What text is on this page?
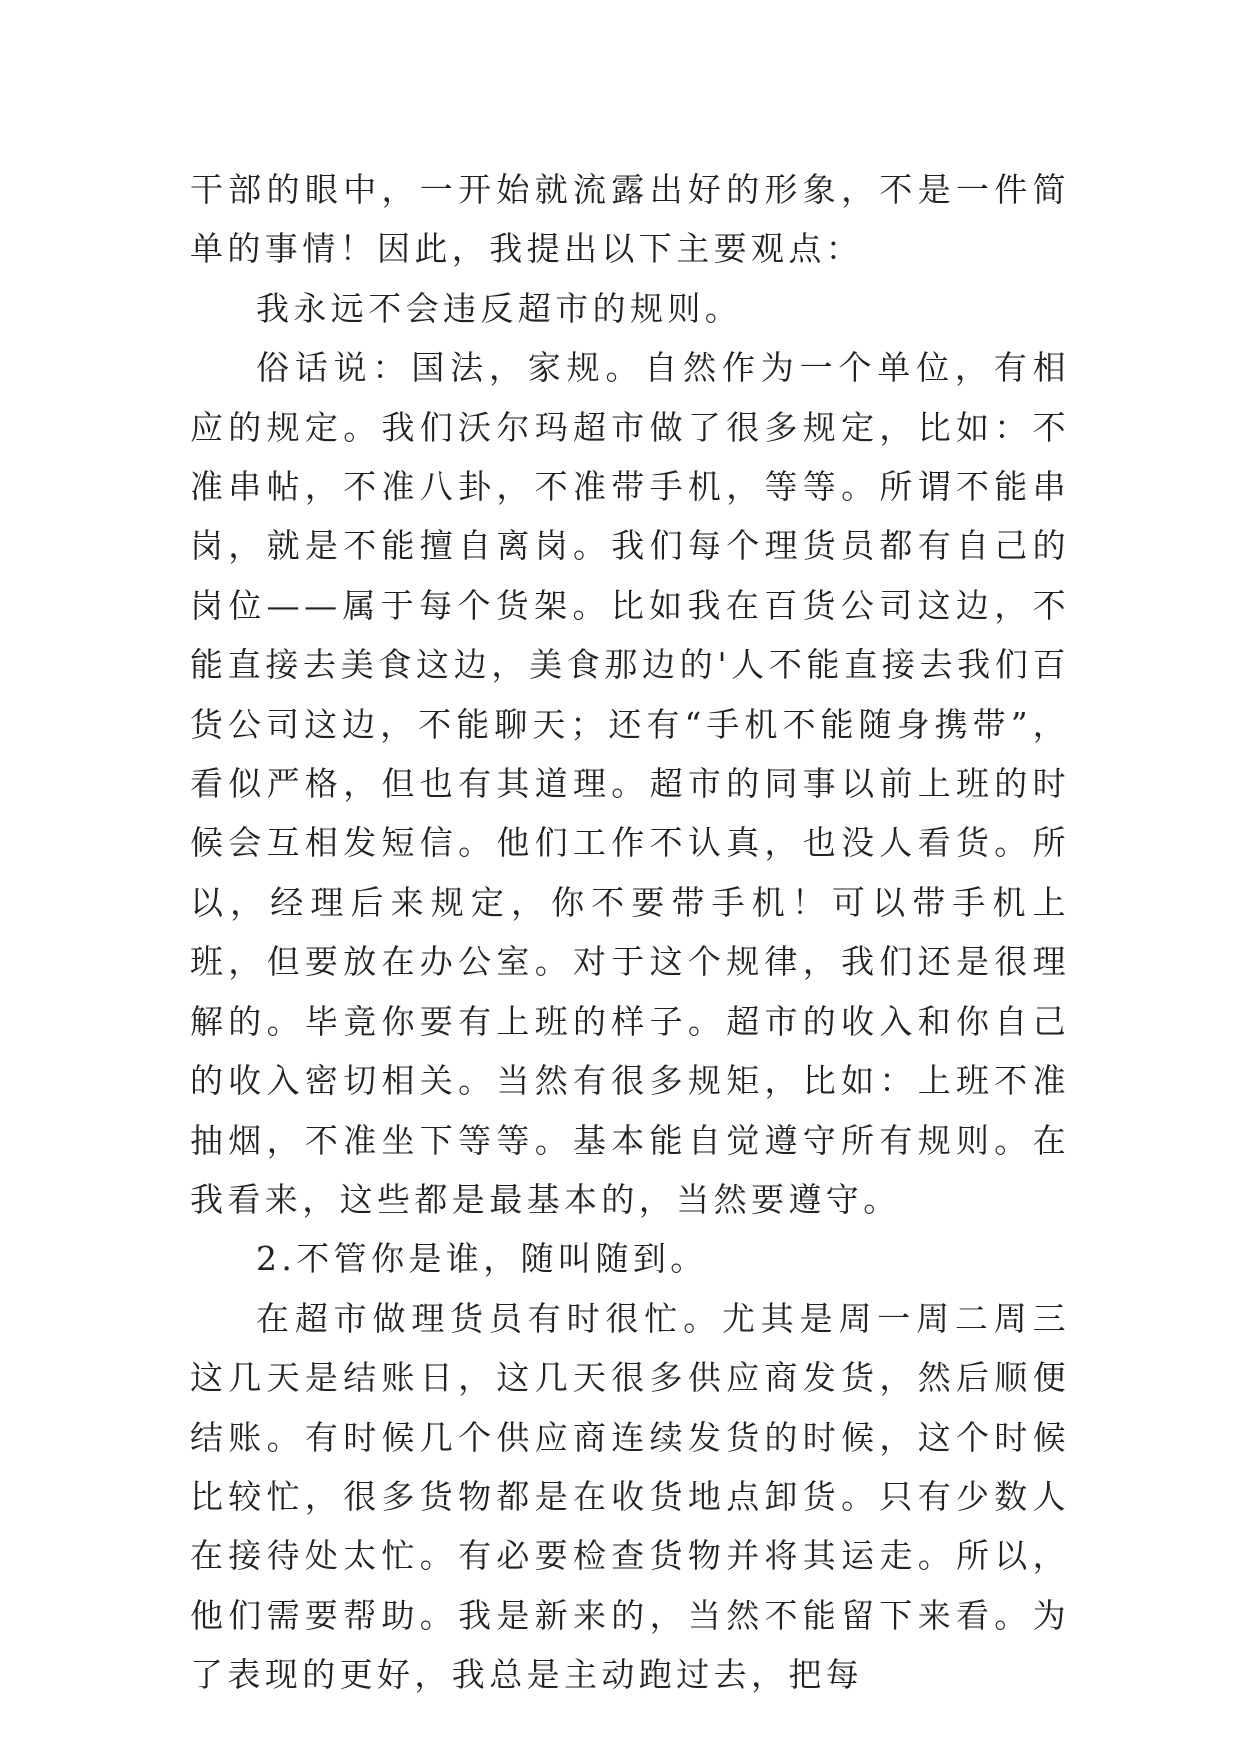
干部的眼中，一开始就流露出好的形象，不是一件简单的事情！因此，我提出以下主要观点：

我永远不会违反超市的规则。

俗话说：国法，家规。自然作为一个单位，有相应的规定。我们沃尔玛超市做了很多规定，比如：不准串帖，不准八卦，不准带手机，等等。所谓不能串岗，就是不能擅自离岗。我们每个理货员都有自己的岗位——属于每个货架。比如我在百货公司这边，不能直接去美食这边，美食那边的'人不能直接去我们百货公司这边，不能聊天；还有“手机不能随身携带”，看似严格，但也有其道理。超市的同事以前上班的时候会互相发短信。他们工作不认真，也没人看货。所以，经理后来规定，你不要带手机！可以带手机上班，但要放在办公室。对于这个规律，我们还是很理解的。毕竟你要有上班的样子。超市的收入和你自己的收入密切相关。当然有很多规矩，比如：上班不准抽烟，不准坐下等等。基本能自觉遵守所有规则。在我看来，这些都是最基本的，当然要遵守。

2.不管你是谁，随叫随到。

在超市做理货员有时很忙。尤其是周一周二周三这几天是结账日，这几天很多供应商发货，然后顺便结账。有时候几个供应商连续发货的时候，这个时候比较忙，很多货物都是在收货地点卸货。只有少数人在接待处太忙。有必要检查货物并将其运走。所以，他们需要帮助。我是新来的，当然不能留下来看。为了表现的更好，我总是主动跑过去，把每
